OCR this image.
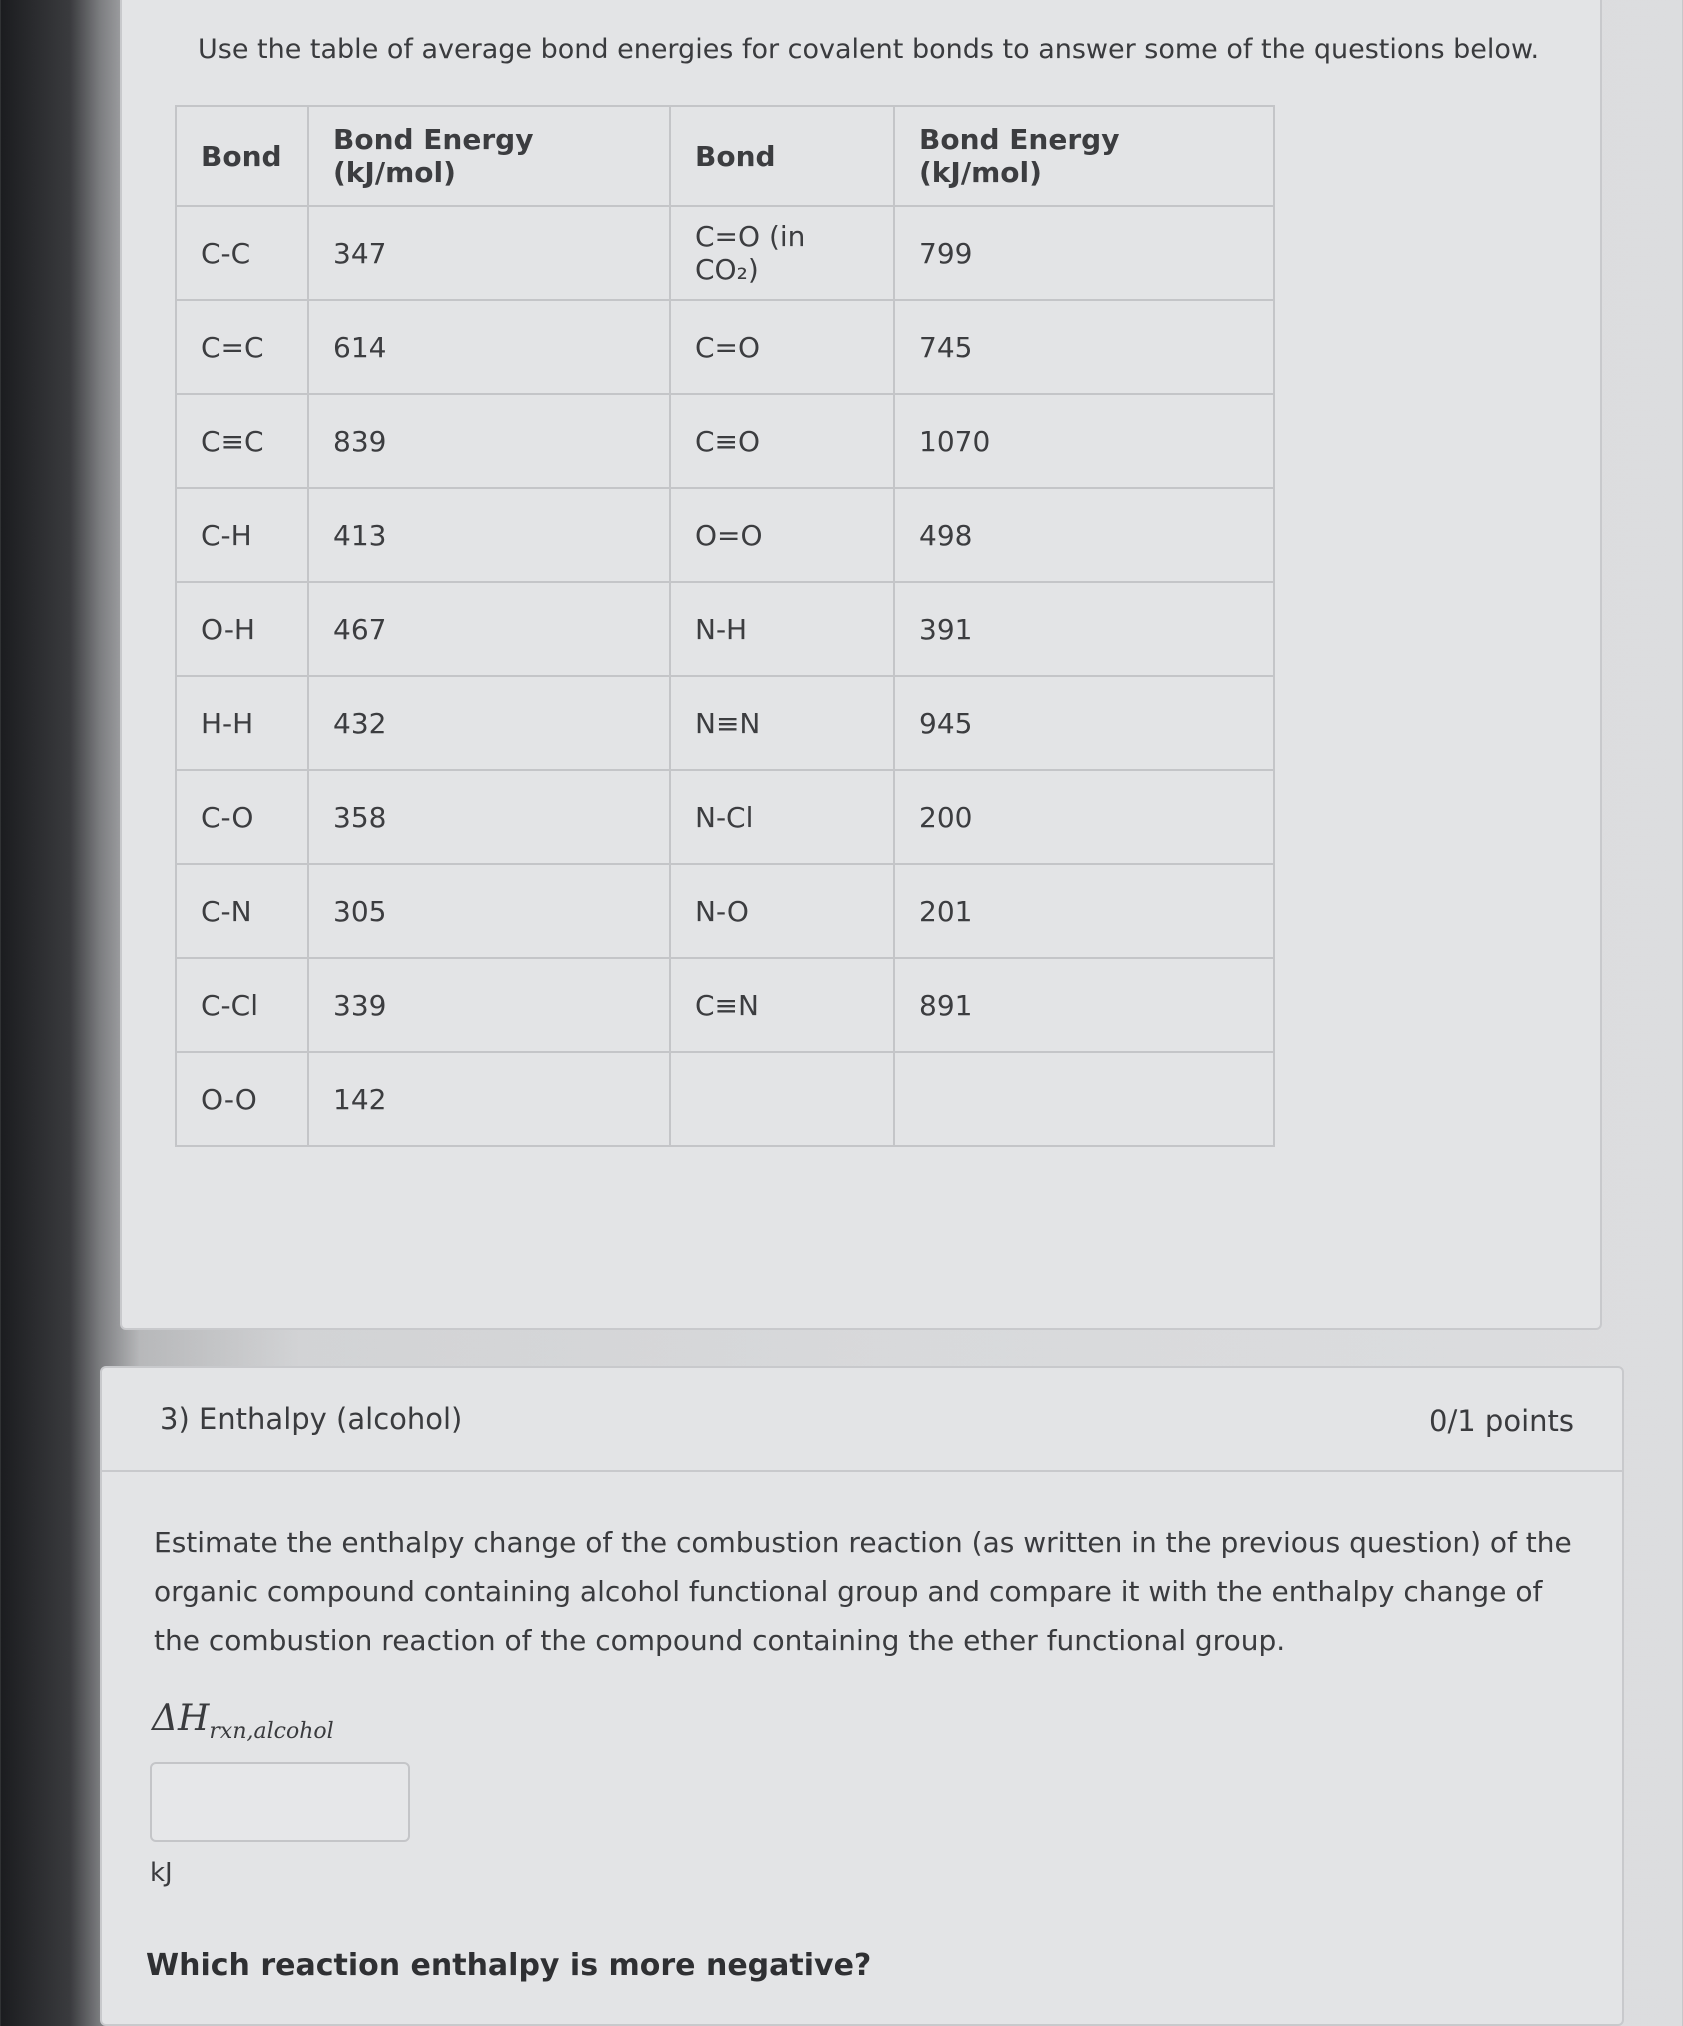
Use the table of average bond energies for covalent bonds to answer some of the questions below.

Bond	Bond Energy (kJ/mol)	Bond	Bond Energy (kJ/mol)
C-C	347	C=O (in CO₂)	799
C=C	614	C=O	745
C≡C	839	C≡O	1070
C-H	413	O=O	498
O-H	467	N-H	391
H-H	432	N≡N	945
C-O	358	N-Cl	200
C-N	305	N-O	201
C-Cl	339	C≡N	891
O-O	142		
3) Enthalpy (alcohol)	0/1 points

Estimate the enthalpy change of the combustion reaction (as written in the previous question) of the organic compound containing alcohol functional group and compare it with the enthalpy change of the combustion reaction of the compound containing the ether functional group.

$\Delta H_{rxn,alcohol}$
kJ
Which reaction enthalpy is more negative?
